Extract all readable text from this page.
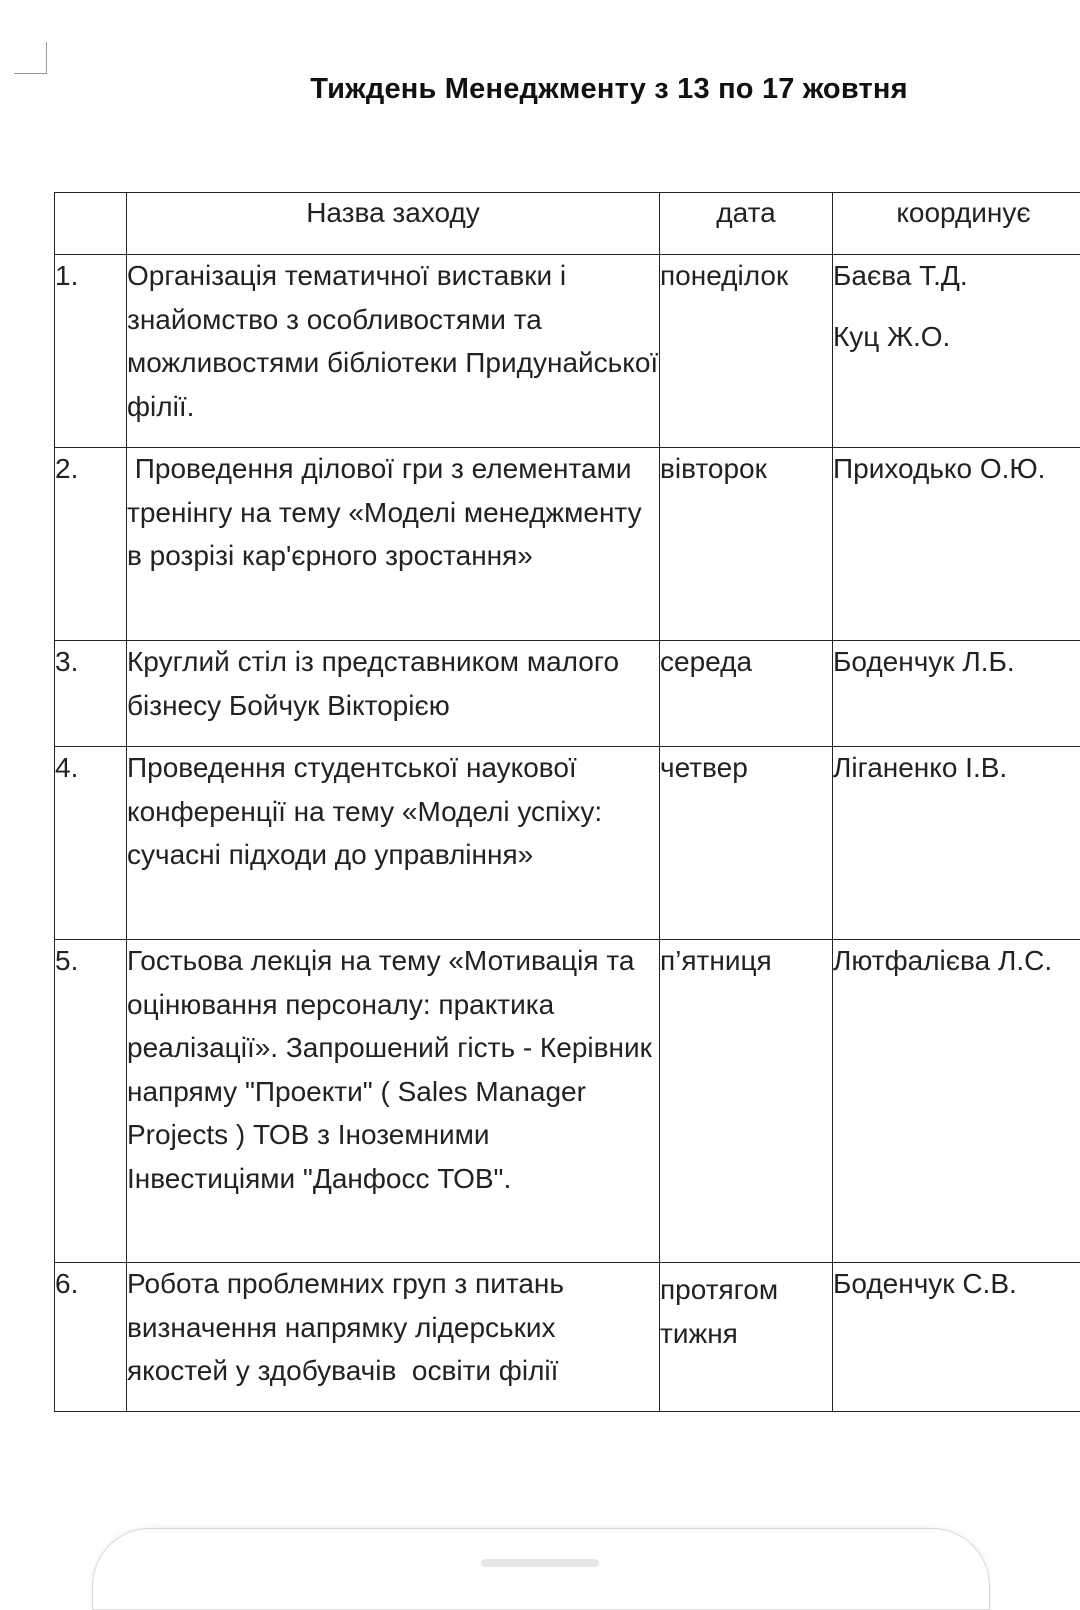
Тиждень Менеджменту з 13 по 17 жовтня
	Назва заходу	дата	координує

1.	Організація тематичної виставки і знайомство з особливостями та можливостями бібліотеки Придунайської філії.	понеділок	Баєва Т.Д.
Куц Ж.О.

2.	Проведення ділової гри з елементами тренінгу на тему «Моделі менеджменту в розрізі кар'єрного зростання»	вівторок	Приходько О.Ю.

3.	Круглий стіл із представником малого бізнесу Бойчук Вікторією	середа	Боденчук Л.Б.

4.	Проведення студентської наукової конференції на тему «Моделі успіху: сучасні підходи до управління»	четвер	Ліганенко І.В.

5.	Гостьова лекція на тему «Мотивація та оцінювання персоналу: практика реалізації». Запрошений гість - Керівник напряму "Проекти" ( Sales Manager Projects ) ТОВ з Іноземними Інвестиціями "Данфосс ТОВ".	п’ятниця	Лютфалієва Л.С.

6.	Робота проблемних груп з питань визначення напрямку лідерських якостей у здобувачів  освіти філії	протягом тижня	Боденчук С.В.
